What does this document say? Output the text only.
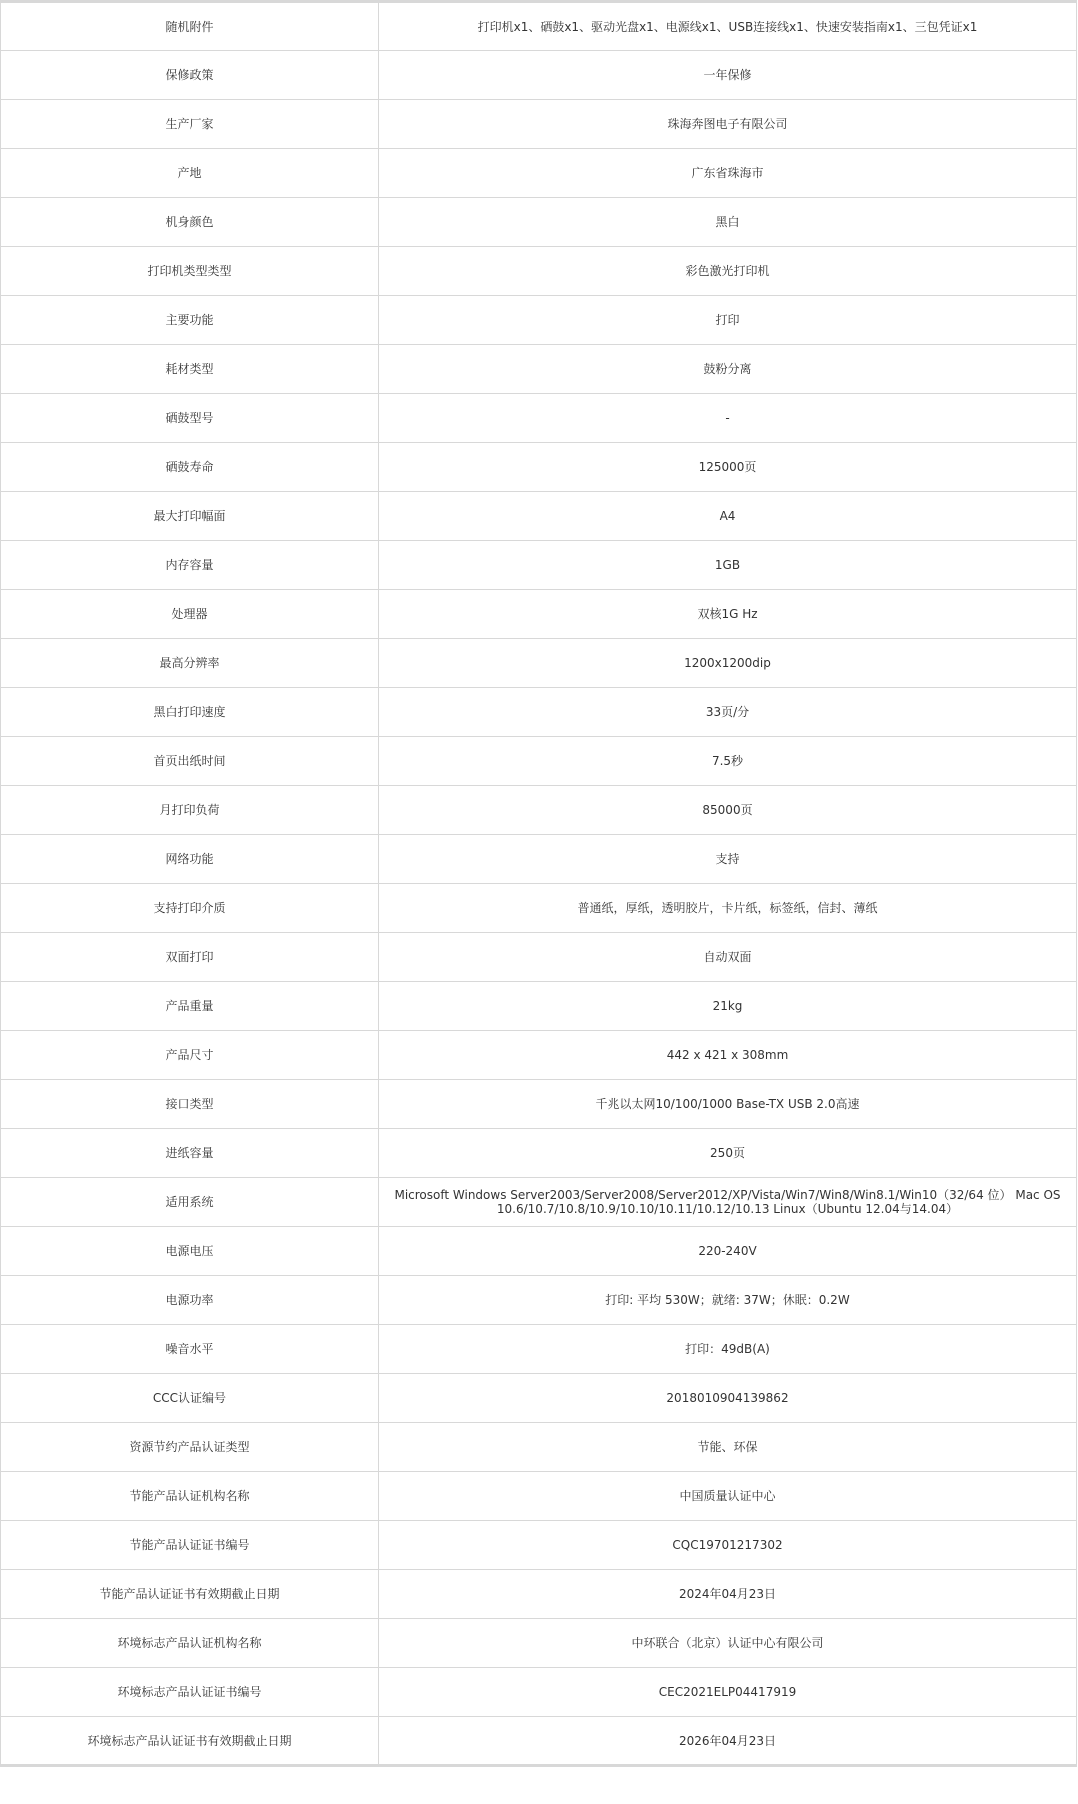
随机附件	打印机x1、硒鼓x1、驱动光盘x1、电源线x1、USB连接线x1、快速安装指南x1、三包凭证x1
保修政策	一年保修
生产厂家	珠海奔图电子有限公司
产地	广东省珠海市
机身颜色	黑白
打印机类型类型	彩色激光打印机
主要功能	打印
耗材类型	鼓粉分离
硒鼓型号	-
硒鼓寿命	125000页
最大打印幅面	A4
内存容量	1GB
处理器	双核1G Hz
最高分辨率	1200x1200dip
黑白打印速度	33页/分
首页出纸时间	7.5秒
月打印负荷	85000页
网络功能	支持
支持打印介质	普通纸，厚纸，透明胶片，卡片纸，标签纸，信封、薄纸
双面打印	自动双面
产品重量	21kg
产品尺寸	442 x 421 x 308mm
接口类型	千兆以太网10/100/1000 Base-TX USB 2.0高速
进纸容量	250页
适用系统	Microsoft Windows Server2003/Server2008/Server2012/XP/Vista/Win7/Win8/Win8.1/Win10（32/64 位） Mac OS 10.6/10.7/10.8/10.9/10.10/10.11/10.12/10.13 Linux（Ubuntu 12.04与14.04）
电源电压	220-240V
电源功率	打印: 平均 530W；就绪: 37W；休眠：0.2W
噪音水平	打印：49dB(A)
CCC认证编号	2018010904139862
资源节约产品认证类型	节能、环保
节能产品认证机构名称	中国质量认证中心
节能产品认证证书编号	CQC19701217302
节能产品认证证书有效期截止日期	2024年04月23日
环境标志产品认证机构名称	中环联合（北京）认证中心有限公司
环境标志产品认证证书编号	CEC2021ELP04417919
环境标志产品认证证书有效期截止日期	2026年04月23日
